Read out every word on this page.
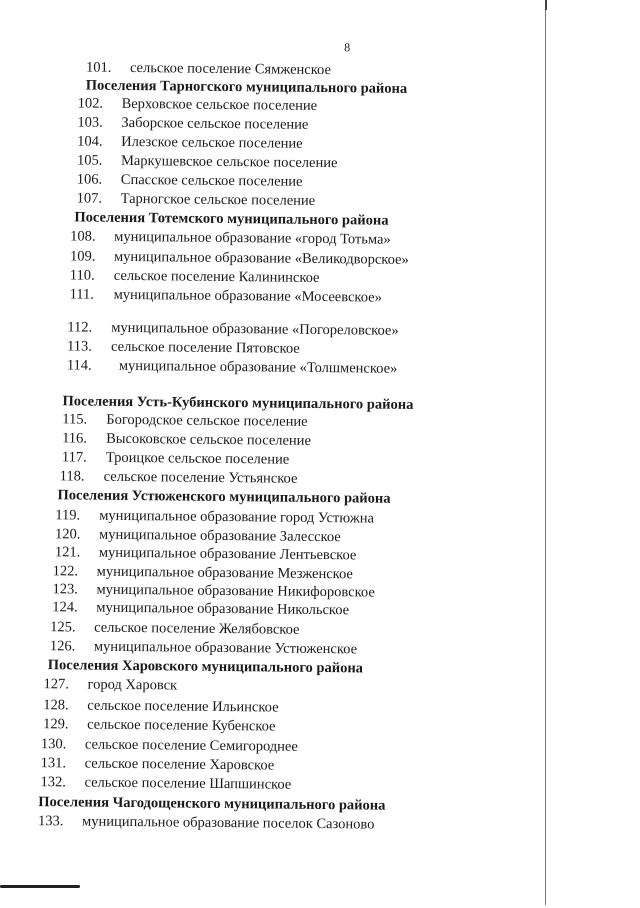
8
101. сельское поселение Сямженское
Поселения Тарногского муниципального района
102. Верховское сельское поселение
103. Заборское сельское поселение
104. Илезское сельское поселение
105. Маркушевское сельское поселение
106. Спасское сельское поселение
107. Тарногское сельское поселение
Поселения Тотемского муниципального района
108. муниципальное образование «город Тотьма»
109. муниципальное образование «Великодворское»
110. сельское поселение Калининское
111. муниципальное образование «Мосеевское»
112. муниципальное образование «Погореловское»
113. сельское поселение Пятовское
114. муниципальное образование «Толшменское»
Поселения Усть-Кубинского муниципального района
115. Богородское сельское поселение
116. Высоковское сельское поселение
117. Троицкое сельское поселение
118. сельское поселение Устьянское
Поселения Устюженского муниципального района
119. муниципальное образование город Устюжна
120. муниципальное образование Залесское
121. муниципальное образование Лентьевское
122. муниципальное образование Мезженское
123. муниципальное образование Никифоровское
124. муниципальное образование Никольское
125. сельское поселение Желябовское
126. муниципальное образование Устюженское
Поселения Харовского муниципального района
127. город Харовск
128. сельское поселение Ильинское
129. сельское поселение Кубенское
130. сельское поселение Семигороднее
131. сельское поселение Харовское
132. сельское поселение Шапшинское
Поселения Чагодощенского муниципального района
133. муниципальное образование поселок Сазоново
